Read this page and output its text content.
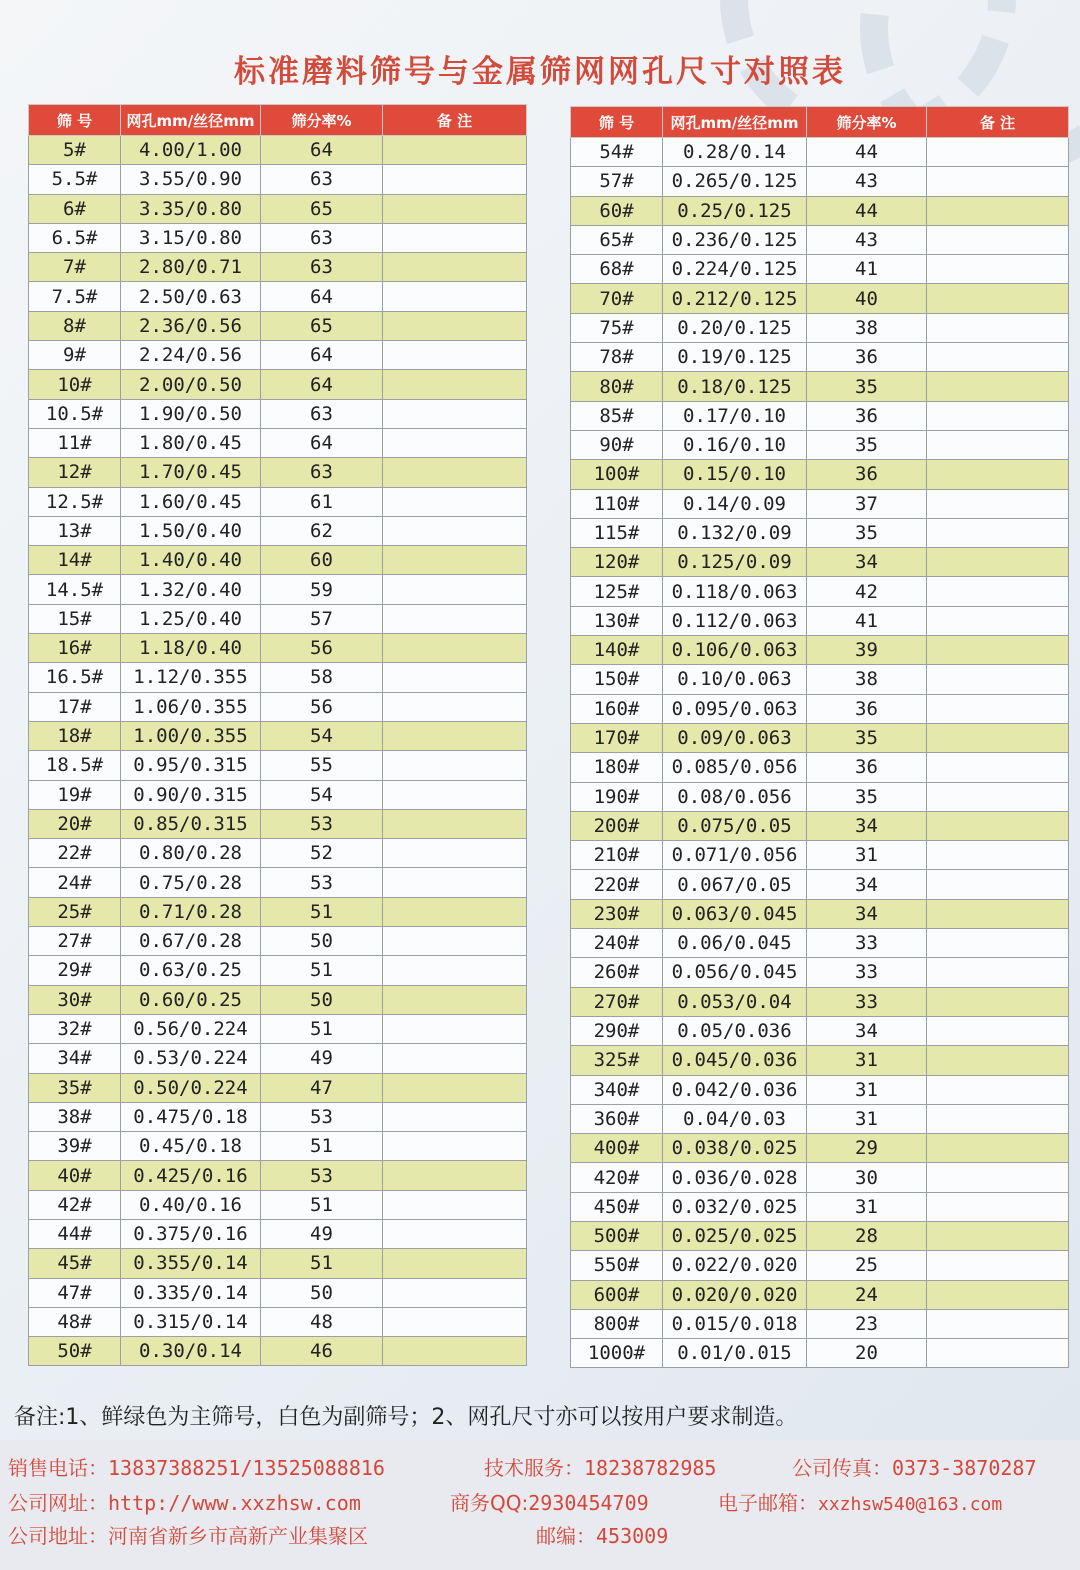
标准磨料筛号与金属筛网网孔尺寸对照表
筛 号	网孔mm/丝径mm	筛分率%	备 注
5#	4.00/1.00	64	
5.5#	3.55/0.90	63	
6#	3.35/0.80	65	
6.5#	3.15/0.80	63	
7#	2.80/0.71	63	
7.5#	2.50/0.63	64	
8#	2.36/0.56	65	
9#	2.24/0.56	64	
10#	2.00/0.50	64	
10.5#	1.90/0.50	63	
11#	1.80/0.45	64	
12#	1.70/0.45	63	
12.5#	1.60/0.45	61	
13#	1.50/0.40	62	
14#	1.40/0.40	60	
14.5#	1.32/0.40	59	
15#	1.25/0.40	57	
16#	1.18/0.40	56	
16.5#	1.12/0.355	58	
17#	1.06/0.355	56	
18#	1.00/0.355	54	
18.5#	0.95/0.315	55	
19#	0.90/0.315	54	
20#	0.85/0.315	53	
22#	0.80/0.28	52	
24#	0.75/0.28	53	
25#	0.71/0.28	51	
27#	0.67/0.28	50	
29#	0.63/0.25	51	
30#	0.60/0.25	50	
32#	0.56/0.224	51	
34#	0.53/0.224	49	
35#	0.50/0.224	47	
38#	0.475/0.18	53	
39#	0.45/0.18	51	
40#	0.425/0.16	53	
42#	0.40/0.16	51	
44#	0.375/0.16	49	
45#	0.355/0.14	51	
47#	0.335/0.14	50	
48#	0.315/0.14	48	
50#	0.30/0.14	46	
筛 号	网孔mm/丝径mm	筛分率%	备 注
54#	0.28/0.14	44	
57#	0.265/0.125	43	
60#	0.25/0.125	44	
65#	0.236/0.125	43	
68#	0.224/0.125	41	
70#	0.212/0.125	40	
75#	0.20/0.125	38	
78#	0.19/0.125	36	
80#	0.18/0.125	35	
85#	0.17/0.10	36	
90#	0.16/0.10	35	
100#	0.15/0.10	36	
110#	0.14/0.09	37	
115#	0.132/0.09	35	
120#	0.125/0.09	34	
125#	0.118/0.063	42	
130#	0.112/0.063	41	
140#	0.106/0.063	39	
150#	0.10/0.063	38	
160#	0.095/0.063	36	
170#	0.09/0.063	35	
180#	0.085/0.056	36	
190#	0.08/0.056	35	
200#	0.075/0.05	34	
210#	0.071/0.056	31	
220#	0.067/0.05	34	
230#	0.063/0.045	34	
240#	0.06/0.045	33	
260#	0.056/0.045	33	
270#	0.053/0.04	33	
290#	0.05/0.036	34	
325#	0.045/0.036	31	
340#	0.042/0.036	31	
360#	0.04/0.03	31	
400#	0.038/0.025	29	
420#	0.036/0.028	30	
450#	0.032/0.025	31	
500#	0.025/0.025	28	
550#	0.022/0.020	25	
600#	0.020/0.020	24	
800#	0.015/0.018	23	
1000#	0.01/0.015	20	
备注:1、鲜绿色为主筛号，白色为副筛号；2、网孔尺寸亦可以按用户要求制造。
销售电话：13837388251/13525088816	技术服务：18238782985	公司传真：0373-3870287
公司网址：http://www.xxzhsw.com	商务QQ:2930454709	电子邮箱：xxzhsw540@163.com
公司地址：河南省新乡市高新产业集聚区	邮编：453009
